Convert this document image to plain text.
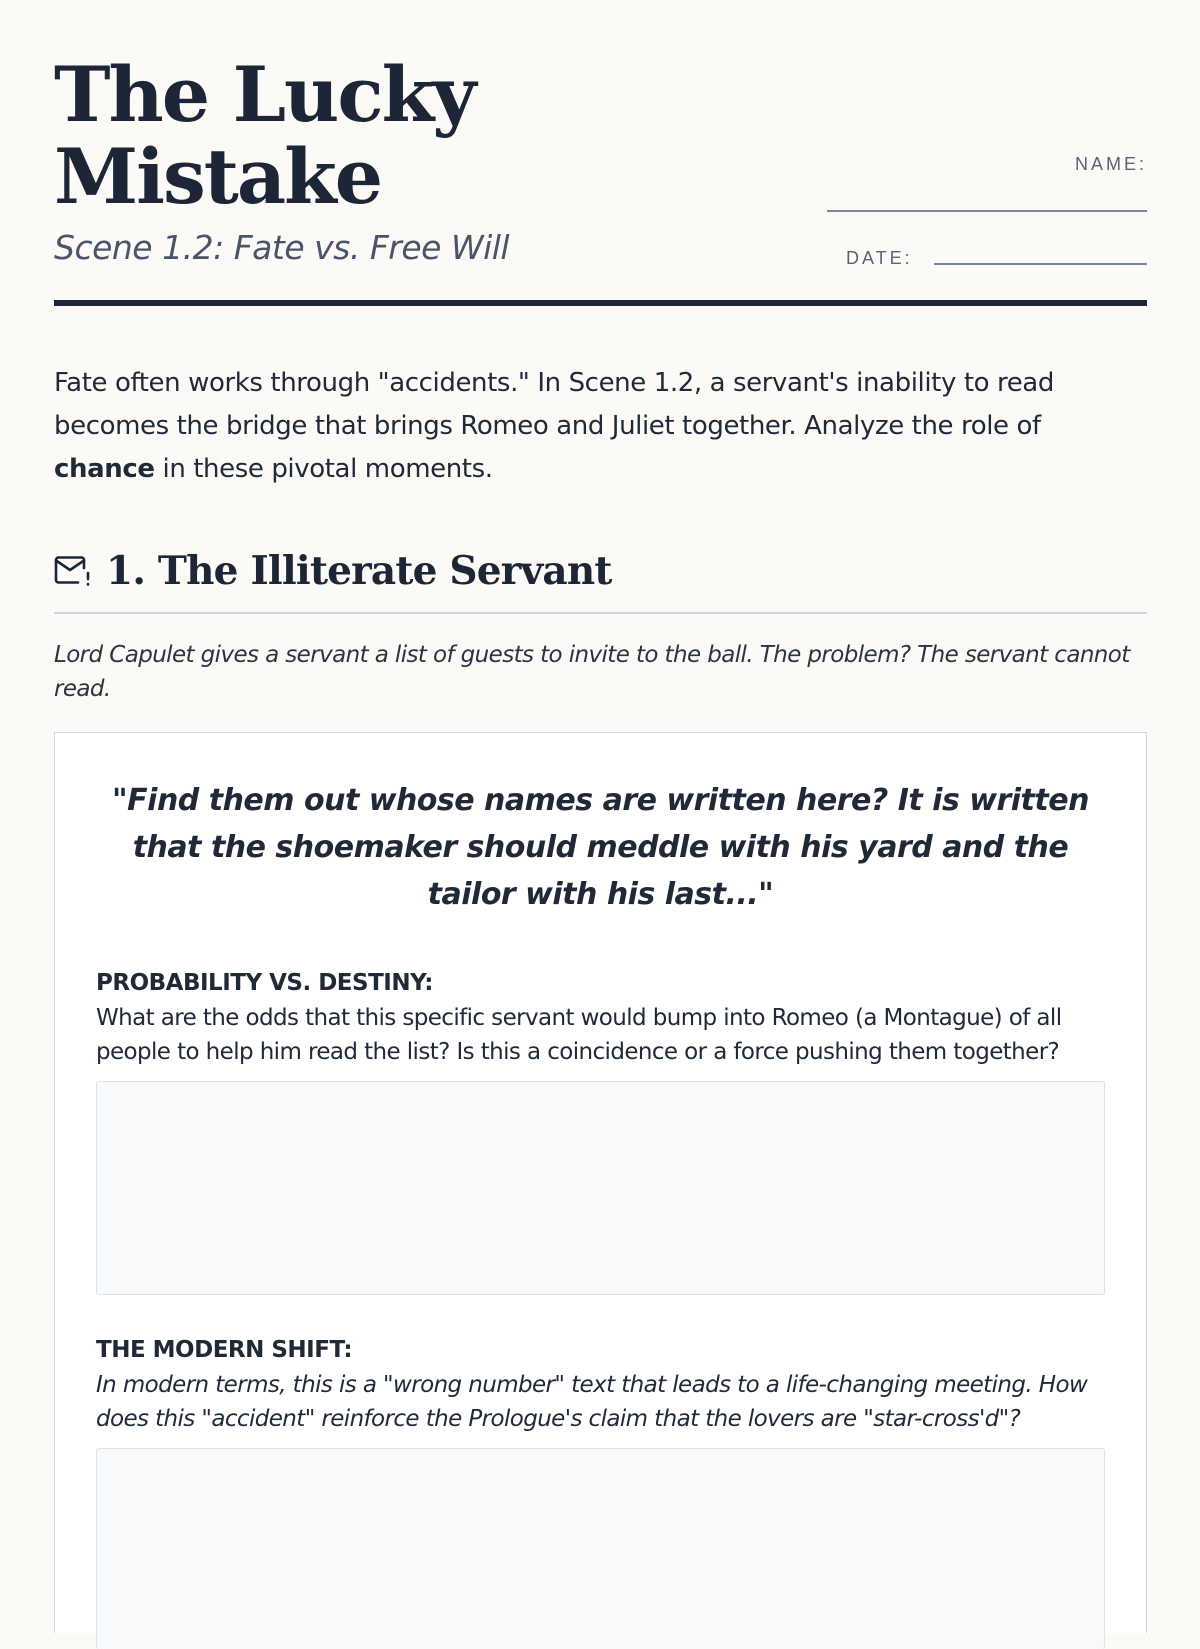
The Lucky
Mistake

Scene 1.2: Fate vs. Free Will

NAME:
DATE:

Fate often works through "accidents." In Scene 1.2, a servant's inability to read becomes the bridge that brings Romeo and Juliet together. Analyze the role of chance in these pivotal moments.

1. The Illiterate Servant

Lord Capulet gives a servant a list of guests to invite to the ball. The problem? The servant cannot read.

"Find them out whose names are written here? It is written that the shoemaker should meddle with his yard and the tailor with his last..."

PROBABILITY VS. DESTINY:

What are the odds that this specific servant would bump into Romeo (a Montague) of all people to help him read the list? Is this a coincidence or a force pushing them together?

THE MODERN SHIFT:

In modern terms, this is a "wrong number" text that leads to a life-changing meeting. How does this "accident" reinforce the Prologue's claim that the lovers are "star-cross'd"?
